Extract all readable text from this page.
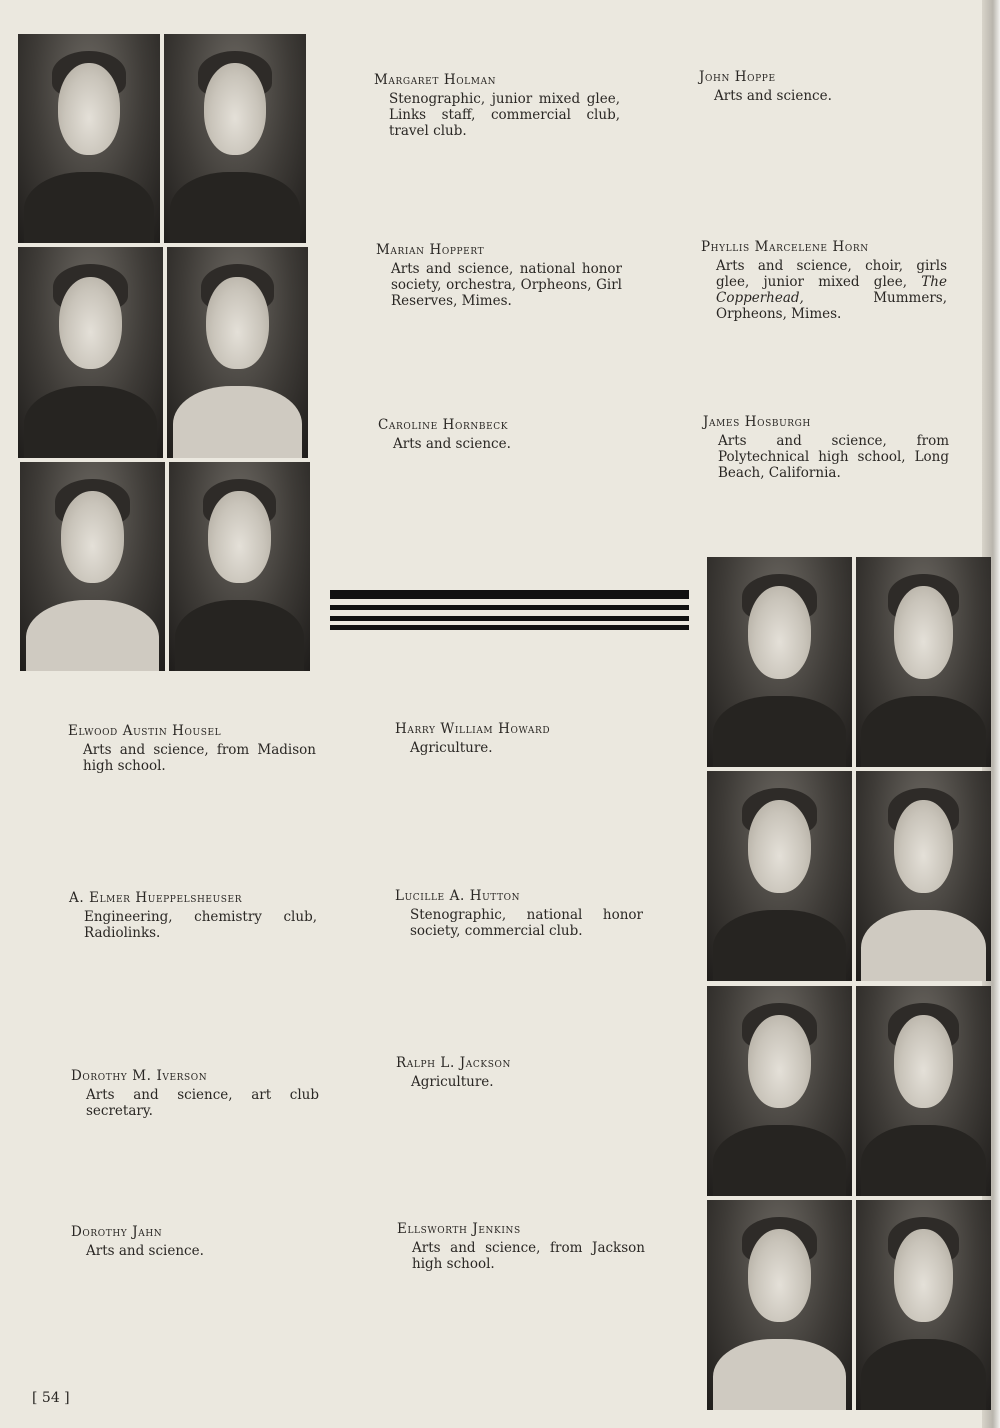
Margaret Holman
Stenographic, junior mixed glee, Links staff, commercial club, travel club.
John Hoppe
Arts and science.
Marian Hoppert
Arts and science, national honor society, orchestra, Orpheons, Girl Reserves, Mimes.
Phyllis Marcelene Horn
Arts and science, choir, girls glee, junior mixed glee, The Copperhead, Mummers, Orpheons, Mimes.
Caroline Hornbeck
Arts and science.
James Hosburgh
Arts and science, from Polytechnical high school, Long Beach, California.
Elwood Austin Housel
Arts and science, from Madison high school.
Harry William Howard
Agriculture.
A. Elmer Hueppelsheuser
Engineering, chemistry club, Radiolinks.
Lucille A. Hutton
Stenographic, national honor society, commercial club.
Dorothy M. Iverson
Arts and science, art club secretary.
Ralph L. Jackson
Agriculture.
Dorothy Jahn
Arts and science.
Ellsworth Jenkins
Arts and science, from Jackson high school.
[ 54 ]
